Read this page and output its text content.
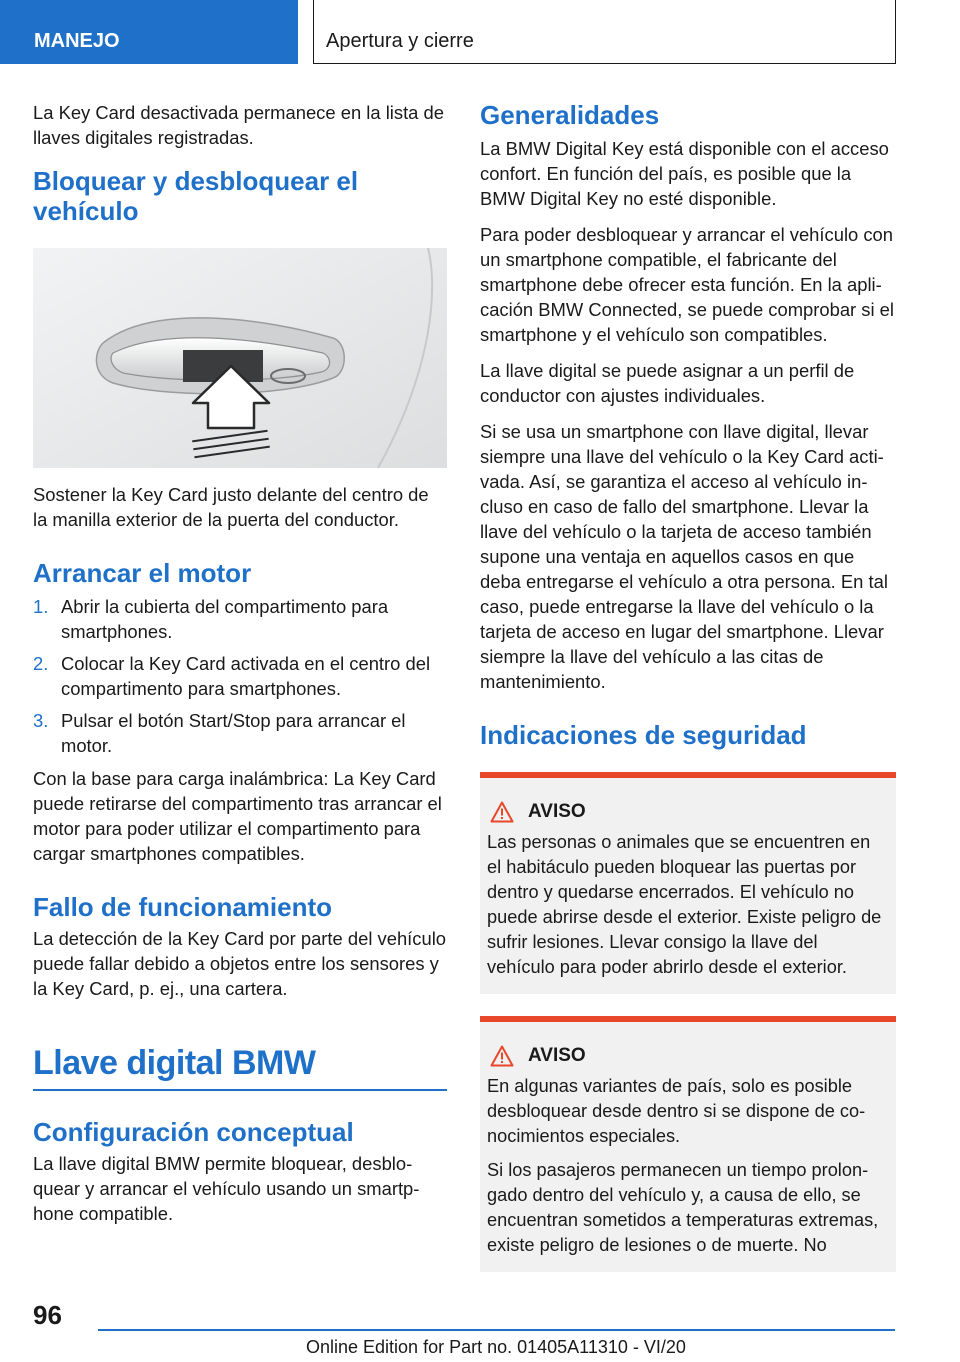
MANEJO	Apertura y cierre

La Key Card desactivada permanece en la lista de llaves digitales registradas.

Bloquear y desbloquear el
vehículo

Sostener la Key Card justo delante del centro de la manilla exterior de la puerta del conductor.

Arrancar el motor
1. Abrir la cubierta del compartimento para smartphones.
2. Colocar la Key Card activada en el centro del compartimento para smartphones.
3. Pulsar el botón Start/Stop para arrancar el motor.

Con la base para carga inalámbrica: La Key Card puede retirarse del compartimento tras arrancar el motor para poder utilizar el compartimento para cargar smartphones compatibles.

Fallo de funcionamiento

La detección de la Key Card por parte del vehículo puede fallar debido a objetos entre los sensores y la Key Card, p. ej., una cartera.

Llave digital BMW
Configuración conceptual

La llave digital BMW permite bloquear, desbloquear y arrancar el vehículo usando un smartphone compatible.

Generalidades

La BMW Digital Key está disponible con el acceso confort. En función del país, es posible que la BMW Digital Key no esté disponible.

Para poder desbloquear y arrancar el vehículo con un smartphone compatible, el fabricante del smartphone debe ofrecer esta función. En la aplicación BMW Connected, se puede comprobar si el smartphone y el vehículo son compatibles.

La llave digital se puede asignar a un perfil de conductor con ajustes individuales.

Si se usa un smartphone con llave digital, llevar siempre una llave del vehículo o la Key Card activada. Así, se garantiza el acceso al vehículo incluso en caso de fallo del smartphone. Llevar la llave del vehículo o la tarjeta de acceso también supone una ventaja en aquellos casos en que deba entregarse el vehículo a otra persona. En tal caso, puede entregarse la llave del vehículo o la tarjeta de acceso en lugar del smartphone. Llevar siempre la llave del vehículo a las citas de mantenimiento.

Indicaciones de seguridad
AVISO

Las personas o animales que se encuentren en el habitáculo pueden bloquear las puertas por dentro y quedarse encerrados. El vehículo no puede abrirse desde el exterior. Existe peligro de sufrir lesiones. Llevar consigo la llave del vehículo para poder abrirlo desde el exterior.

AVISO

En algunas variantes de país, solo es posible desbloquear desde dentro si se dispone de conocimientos especiales.

Si los pasajeros permanecen un tiempo prolongado dentro del vehículo y, a causa de ello, se encuentran sometidos a temperaturas extremas, existe peligro de lesiones o de muerte. No

96
Online Edition for Part no. 01405A11310 - VI/20
